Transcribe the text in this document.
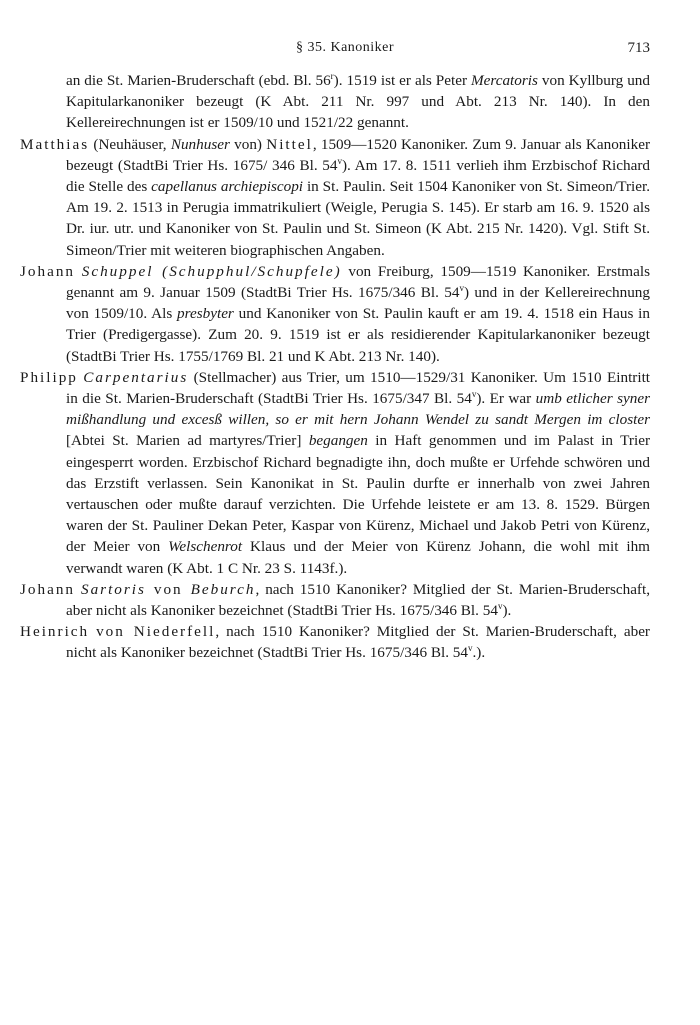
§ 35. Kanoniker	713

an die St. Marien-Bruderschaft (ebd. Bl. 56$^r$). 1519 ist er als Peter Mercatoris von Kyllburg und Kapitularkanoniker bezeugt (K Abt. 211 Nr. 997 und Abt. 213 Nr. 140). In den Kellereirechnungen ist er 1509/10 und 1521/22 genannt.

Matthias (Neuhäuser, Nunhuser von) Nittel, 1509—1520 Kanoniker. Zum 9. Januar als Kanoniker bezeugt (StadtBi Trier Hs. 1675/ 346 Bl. 54$^v$). Am 17. 8. 1511 verlieh ihm Erzbischof Richard die Stelle des capellanus archiepiscopi in St. Paulin. Seit 1504 Kanoniker von St. Simeon/Trier. Am 19. 2. 1513 in Perugia immatrikuliert (Weigle, Perugia S. 145). Er starb am 16. 9. 1520 als Dr. iur. utr. und Kanoniker von St. Paulin und St. Simeon (K Abt. 215 Nr. 1420). Vgl. Stift St. Simeon/Trier mit weiteren biographischen Angaben.

Johann Schuppel (Schupphul/Schupfele) von Freiburg, 1509—1519 Kanoniker. Erstmals genannt am 9. Januar 1509 (StadtBi Trier Hs. 1675/346 Bl. 54$^v$) und in der Kellereirechnung von 1509/10. Als presbyter und Kanoniker von St. Paulin kauft er am 19. 4. 1518 ein Haus in Trier (Predigergasse). Zum 20. 9. 1519 ist er als residierender Kapitularkanoniker bezeugt (StadtBi Trier Hs. 1755/1769 Bl. 21 und K Abt. 213 Nr. 140).

Philipp Carpentarius (Stellmacher) aus Trier, um 1510—1529/31 Kanoniker. Um 1510 Eintritt in die St. Marien-Bruderschaft (StadtBi Trier Hs. 1675/347 Bl. 54$^v$). Er war umb etlicher syner mißhandlung und excesß willen, so er mit hern Johann Wendel zu sandt Mergen im closter [Abtei St. Marien ad martyres/Trier] begangen in Haft genommen und im Palast in Trier eingesperrt worden. Erzbischof Richard begnadigte ihn, doch mußte er Urfehde schwören und das Erzstift verlassen. Sein Kanonikat in St. Paulin durfte er innerhalb von zwei Jahren vertauschen oder mußte darauf verzichten. Die Urfehde leistete er am 13. 8. 1529. Bürgen waren der St. Pauliner Dekan Peter, Kaspar von Kürenz, Michael und Jakob Petri von Kürenz, der Meier von Welschenrot Klaus und der Meier von Kürenz Johann, die wohl mit ihm verwandt waren (K Abt. 1 C Nr. 23 S. 1143f.).

Johann Sartoris von Beburch, nach 1510 Kanoniker? Mitglied der St. Marien-Bruderschaft, aber nicht als Kanoniker bezeichnet (StadtBi Trier Hs. 1675/346 Bl. 54$^v$).

Heinrich von Niederfell, nach 1510 Kanoniker? Mitglied der St. Marien-Bruderschaft, aber nicht als Kanoniker bezeichnet (StadtBi Trier Hs. 1675/346 Bl. 54$^v$.).
